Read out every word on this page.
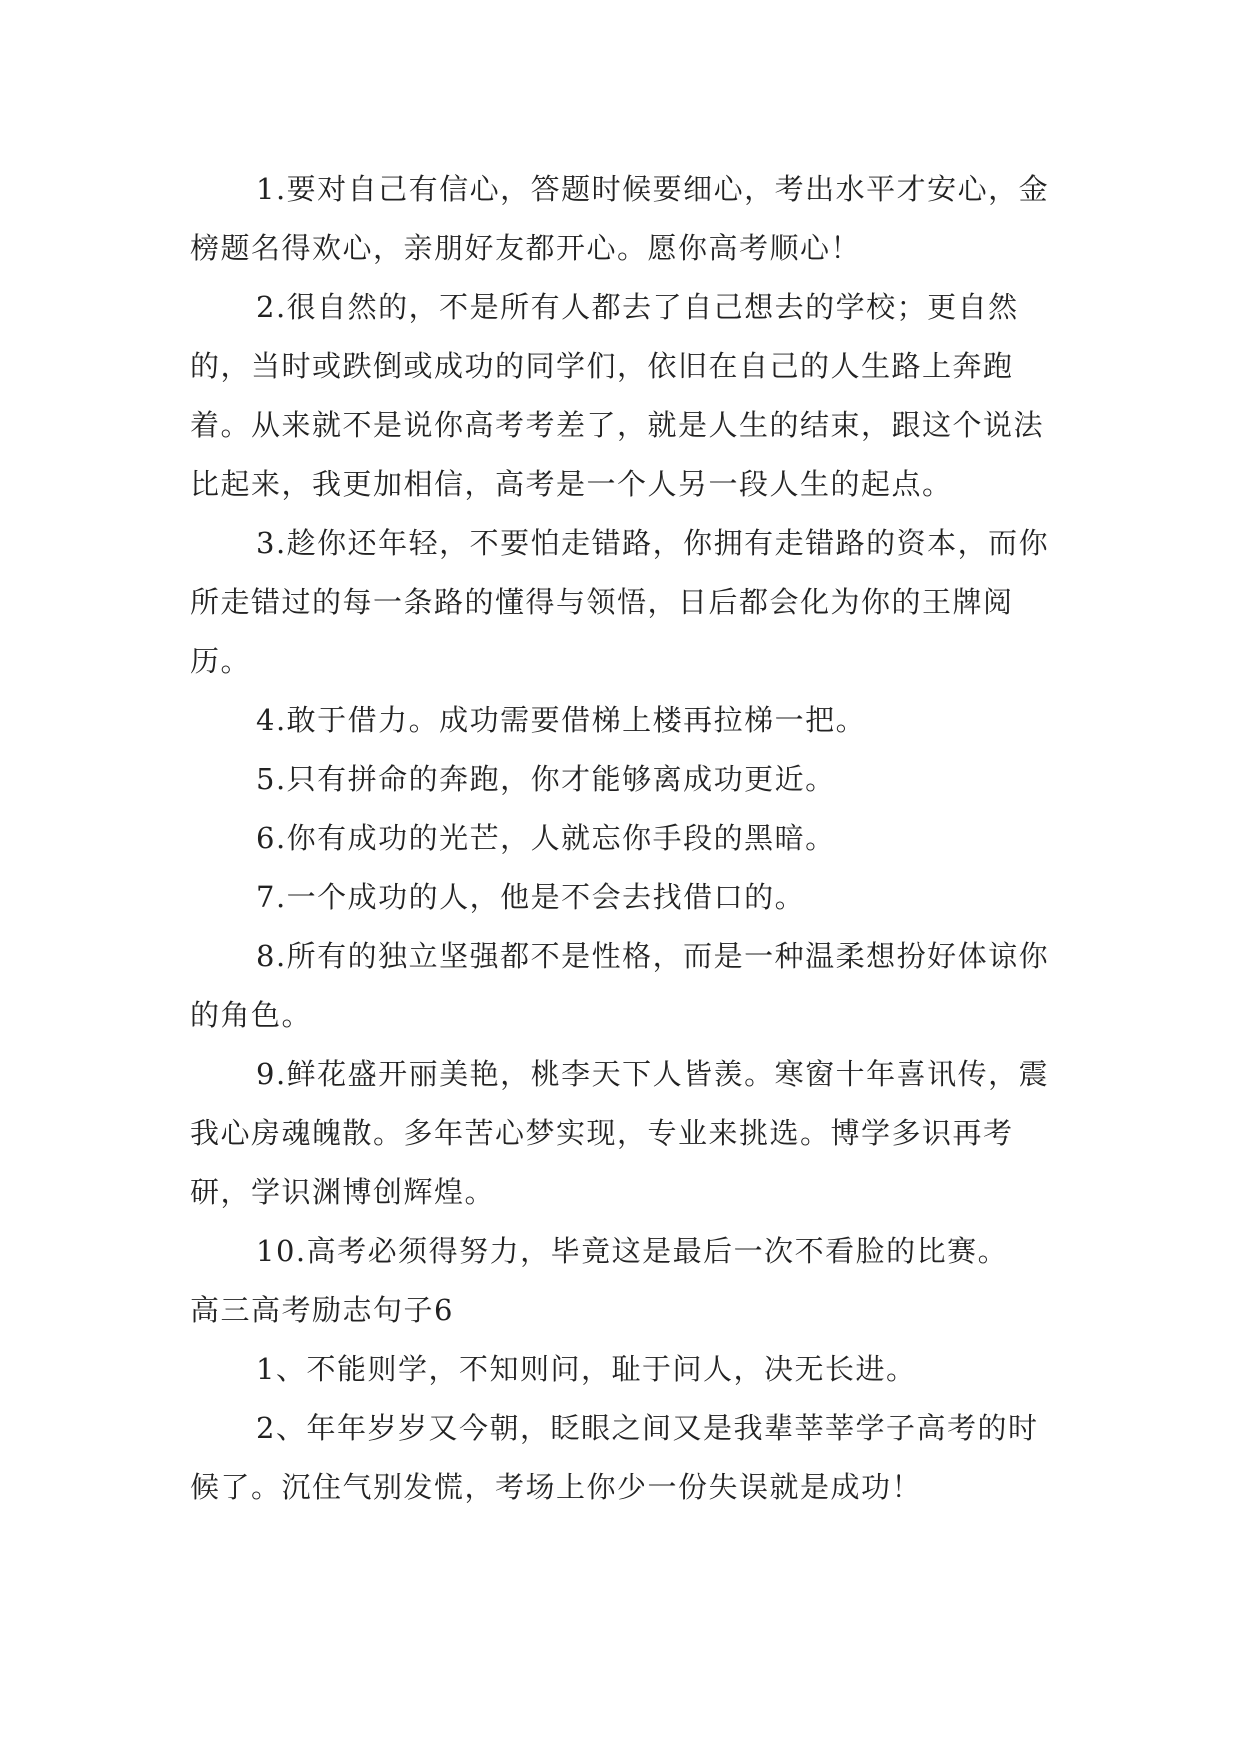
1.要对自己有信心，答题时候要细心，考出水平才安心，金榜题名得欢心，亲朋好友都开心。愿你高考顺心！

2.很自然的，不是所有人都去了自己想去的学校；更自然的，当时或跌倒或成功的同学们，依旧在自己的人生路上奔跑着。从来就不是说你高考考差了，就是人生的结束，跟这个说法比起来，我更加相信，高考是一个人另一段人生的起点。

3.趁你还年轻，不要怕走错路，你拥有走错路的资本，而你所走错过的每一条路的懂得与领悟，日后都会化为你的王牌阅历。

4.敢于借力。成功需要借梯上楼再拉梯一把。

5.只有拼命的奔跑，你才能够离成功更近。

6.你有成功的光芒，人就忘你手段的黑暗。

7.一个成功的人，他是不会去找借口的。

8.所有的独立坚强都不是性格，而是一种温柔想扮好体谅你的角色。

9.鲜花盛开丽美艳，桃李天下人皆羡。寒窗十年喜讯传，震我心房魂魄散。多年苦心梦实现，专业来挑选。博学多识再考研，学识渊博创辉煌。

10.高考必须得努力，毕竟这是最后一次不看脸的比赛。

高三高考励志句子6

1、不能则学，不知则问，耻于问人，决无长进。

2、年年岁岁又今朝，眨眼之间又是我辈莘莘学子高考的时候了。沉住气别发慌，考场上你少一份失误就是成功！
